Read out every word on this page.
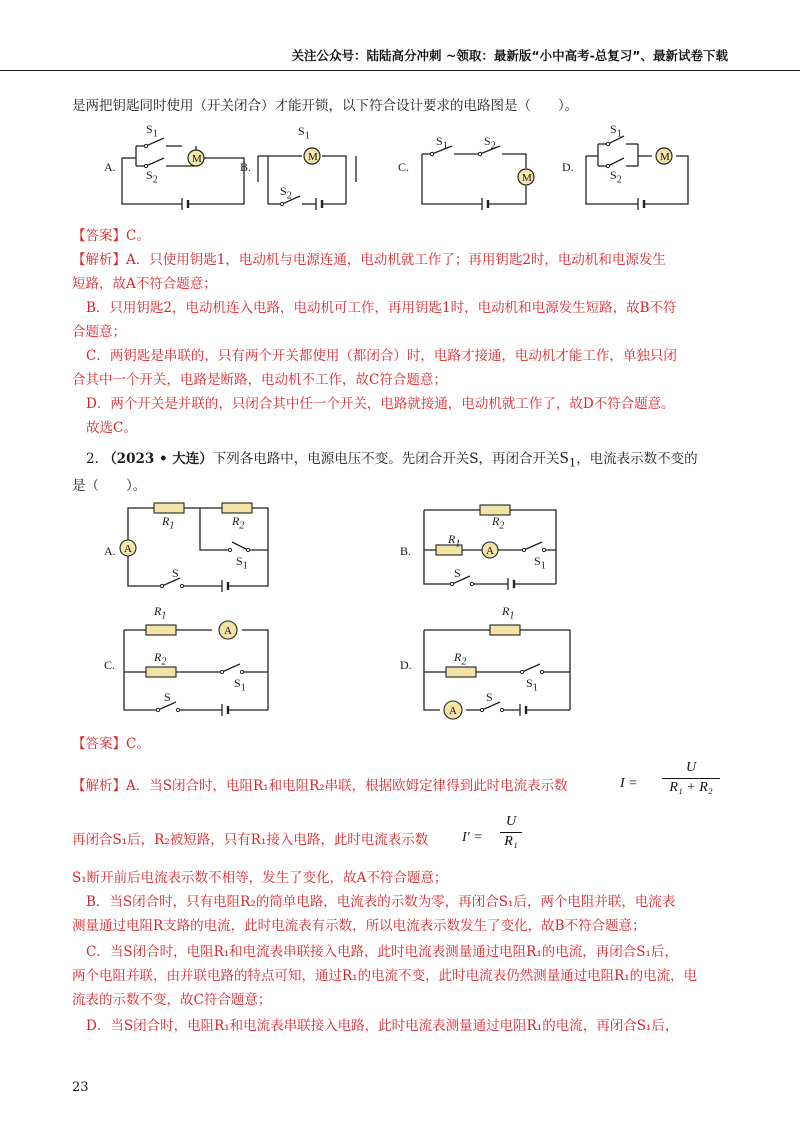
关注公众号：陆陆高分冲刺 ~领取：最新版“小中高考-总复习”、最新试卷下载
是两把钥匙同时使用（开关闭合）才能开锁，以下符合设计要求的电路图是（　　）。
M	M
M
M
A.	B.	C.	D.
$S_1$
$S_2$
$S_1$
$S_2$
$S_1$	$S_2$
$S_1$
$S_2$
【答案】C。
【解析】A．只使用钥匙1，电动机与电源连通，电动机就工作了；再用钥匙2时，电动机和电源发生
短路，故A不符合题意；
B．只用钥匙2，电动机连入电路，电动机可工作，再用钥匙1时，电动机和电源发生短路，故B不符
合题意；
C．两钥匙是串联的，只有两个开关都使用（都闭合）时，电路才接通，电动机才能工作，单独只闭
合其中一个开关，电路是断路，电动机不工作，故C符合题意；
D．两个开关是并联的，只闭合其中任一个开关，电路就接通，电动机就工作了，故D不符合题意。
故选C。
2. （2023 • 大连）下列各电路中，电源电压不变。先闭合开关S，再闭合开关$S_1$，电流表示数不变的
是（　　）。
A	A
A
A
A.	B.
C.	D.
$R_1$	$R_2$
$S_1$
S
$R_2$
$R_1$
$S_1$
S
$R_1$
$R_2$
$S_1$
S
$R_1$
$R_2$
$S_1$
S
【答案】C。
【解析】A．当S闭合时，电阻R₁和电阻R₂串联，根据欧姆定律得到此时电流表示数	I =
U
R₁ + R₂
再闭合S₁后，R₂被短路，只有R₁接入电路，此时电流表示数	I′ =
U
R₁
S₁断开前后电流表示数不相等，发生了变化，故A不符合题意；
B．当S闭合时，只有电阻R₂的简单电路，电流表的示数为零，再闭合S₁后，两个电阻并联，电流表
测量通过电阻R支路的电流，此时电流表有示数，所以电流表示数发生了变化，故B不符合题意；
C．当S闭合时，电阻R₁和电流表串联接入电路，此时电流表测量通过电阻R₁的电流，再闭合S₁后，
两个电阻并联，由并联电路的特点可知，通过R₁的电流不变，此时电流表仍然测量通过电阻R₁的电流，电
流表的示数不变，故C符合题意；
D．当S闭合时，电阻R₁和电流表串联接入电路，此时电流表测量通过电阻R₁的电流，再闭合S₁后，
23
